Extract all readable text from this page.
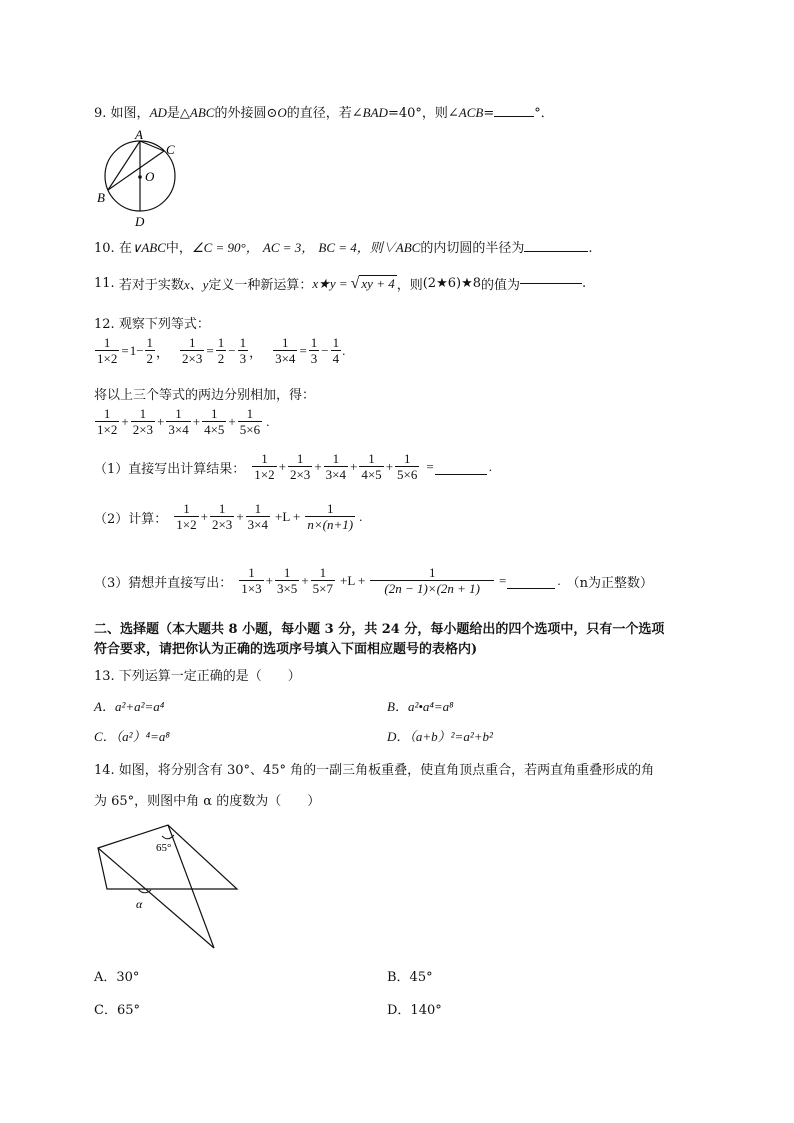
9. 如图，AD是△ABC的外接圆⊙O的直径，若∠BAD=40°，则∠ACB=	°．
A
C
O
B
D
10. 在∨ABC中，∠C = 90°， AC = 3， BC = 4，则∨ABC的内切圆的半径为	.
11.
若对于实数 x、y 定义一种新运算： x★y = √ xy + 4 ，则 (2★6)★8 的值为	.
12. 观察下列等式：
$\frac{1}{1\times 2} = 1- \frac{1}{2}$ ， $\frac{1}{2\times 3} = \frac{1}{2} - \frac{1}{3}$ ， $\frac{1}{3\times 4} = \frac{1}{3} - \frac{1}{4}$ .
将以上三个等式的两边分别相加，得：
$\frac{1}{1\times 2} + \frac{1}{2\times 3} + \frac{1}{3\times 4} + \frac{1}{4\times 5} + \frac{1}{5\times 6}$ .
（1）直接写出计算结果： $\frac{1}{1\times 2} + \frac{1}{2\times 3} + \frac{1}{3\times 4} + \frac{1}{4\times 5} + \frac{1}{5\times 6}$ =	.
（2）计算： $\frac{1}{1\times 2} + \frac{1}{2\times 3} + \frac{1}{3\times 4} +L + \frac{1}{n\times(n+1)}$ .
（3）猜想并直接写出： $\frac{1}{1\times 3} + \frac{1}{3\times 5} + \frac{1}{5\times 7} +L + \frac{1}{(2n - 1)\times(2n + 1)}$ =	. （n为正整数）
二、选择题（本大题共 8 小题，每小题 3 分，共 24 分，每小题给出的四个选项中，只有一个选项
符合要求，请把你认为正确的选项序号填入下面相应题号的表格内)
13. 下列运算一定正确的是（　　）
A．a²+a²=a⁴	B．a²•a⁴=a⁸
C．（a²）⁴=a⁸	D．（a+b）²=a²+b²
14. 如图，将分别含有 30°、45° 角的一副三角板重叠，使直角顶点重合，若两直角重叠形成的角
为 65°，则图中角 α 的度数为（　　）
65°
α
A．30°	B．45°
C．65°	D．140°
